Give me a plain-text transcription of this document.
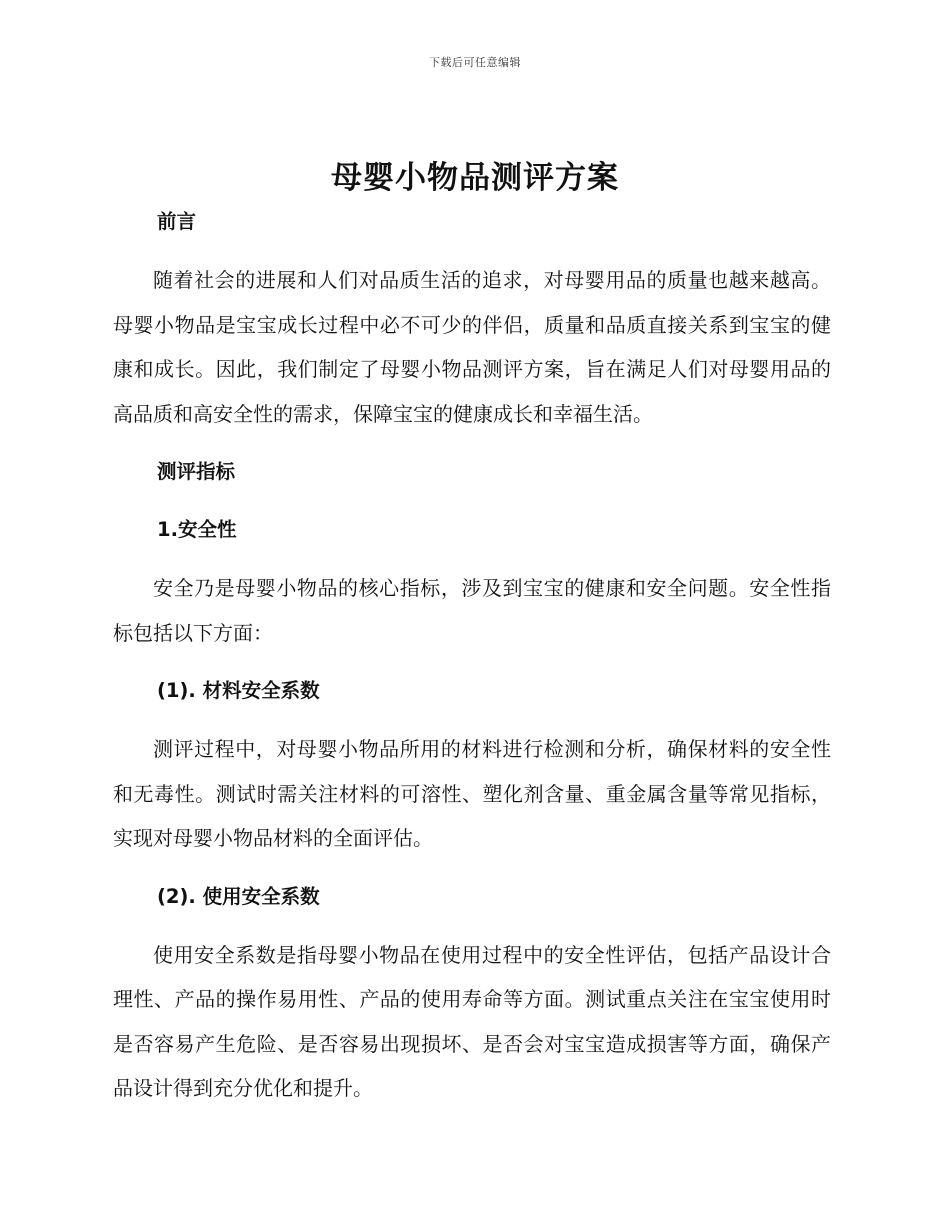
下载后可任意编辑
母婴小物品测评方案
前言

随着社会的进展和人们对品质生活的追求，对母婴用品的质量也越来越高。母婴小物品是宝宝成长过程中必不可少的伴侣，质量和品质直接关系到宝宝的健康和成长。因此，我们制定了母婴小物品测评方案，旨在满足人们对母婴用品的高品质和高安全性的需求，保障宝宝的健康成长和幸福生活。

测评指标
1.安全性

安全乃是母婴小物品的核心指标，涉及到宝宝的健康和安全问题。安全性指标包括以下方面：

(1). 材料安全系数

测评过程中，对母婴小物品所用的材料进行检测和分析，确保材料的安全性和无毒性。测试时需关注材料的可溶性、塑化剂含量、重金属含量等常见指标，实现对母婴小物品材料的全面评估。

(2). 使用安全系数

使用安全系数是指母婴小物品在使用过程中的安全性评估，包括产品设计合理性、产品的操作易用性、产品的使用寿命等方面。测试重点关注在宝宝使用时是否容易产生危险、是否容易出现损坏、是否会对宝宝造成损害等方面，确保产品设计得到充分优化和提升。
